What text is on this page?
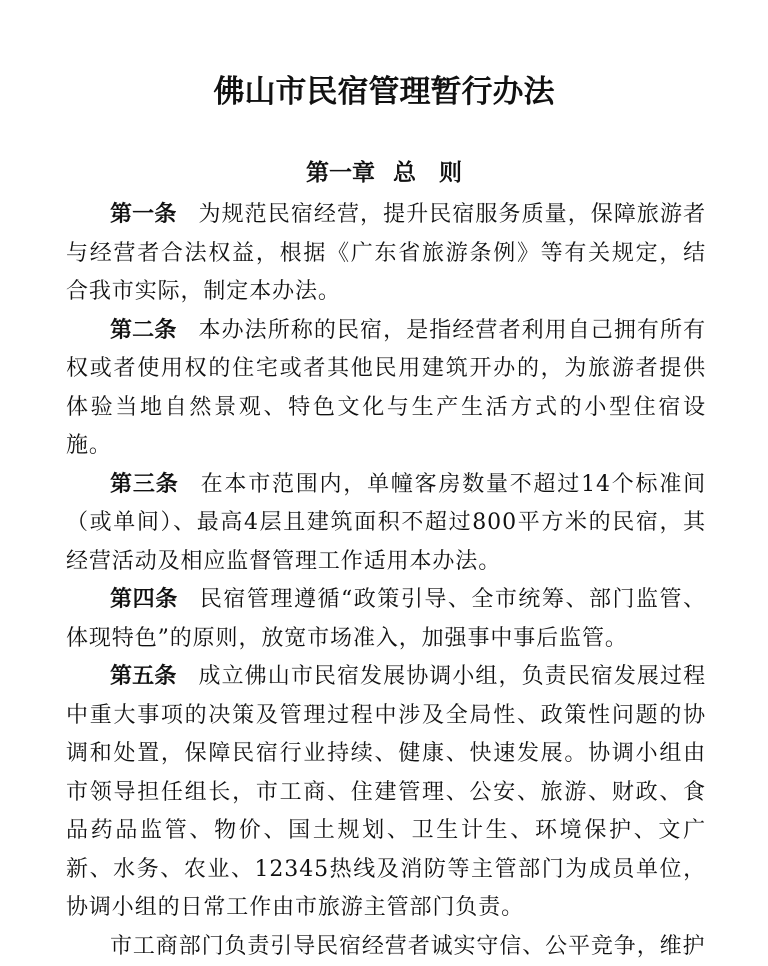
佛山市民宿管理暂行办法
第一章 总　则

第一条 为规范民宿经营，提升民宿服务质量，保障旅游者与经营者合法权益，根据《广东省旅游条例》等有关规定，结合我市实际，制定本办法。

第二条 本办法所称的民宿，是指经营者利用自己拥有所有权或者使用权的住宅或者其他民用建筑开办的，为旅游者提供体验当地自然景观、特色文化与生产生活方式的小型住宿设施。

第三条 在本市范围内，单幢客房数量不超过14个标准间（或单间）、最高4层且建筑面积不超过800平方米的民宿，其经营活动及相应监督管理工作适用本办法。

第四条 民宿管理遵循“政策引导、全市统筹、部门监管、体现特色”的原则，放宽市场准入，加强事中事后监管。

第五条 成立佛山市民宿发展协调小组，负责民宿发展过程中重大事项的决策及管理过程中涉及全局性、政策性问题的协调和处置，保障民宿行业持续、健康、快速发展。协调小组由市领导担任组长，市工商、住建管理、公安、旅游、财政、食品药品监管、物价、国土规划、卫生计生、环境保护、文广新、水务、农业、12345热线及消防等主管部门为成员单位，协调小组的日常工作由市旅游主管部门负责。

市工商部门负责引导民宿经营者诚实守信、公平竞争，维护
